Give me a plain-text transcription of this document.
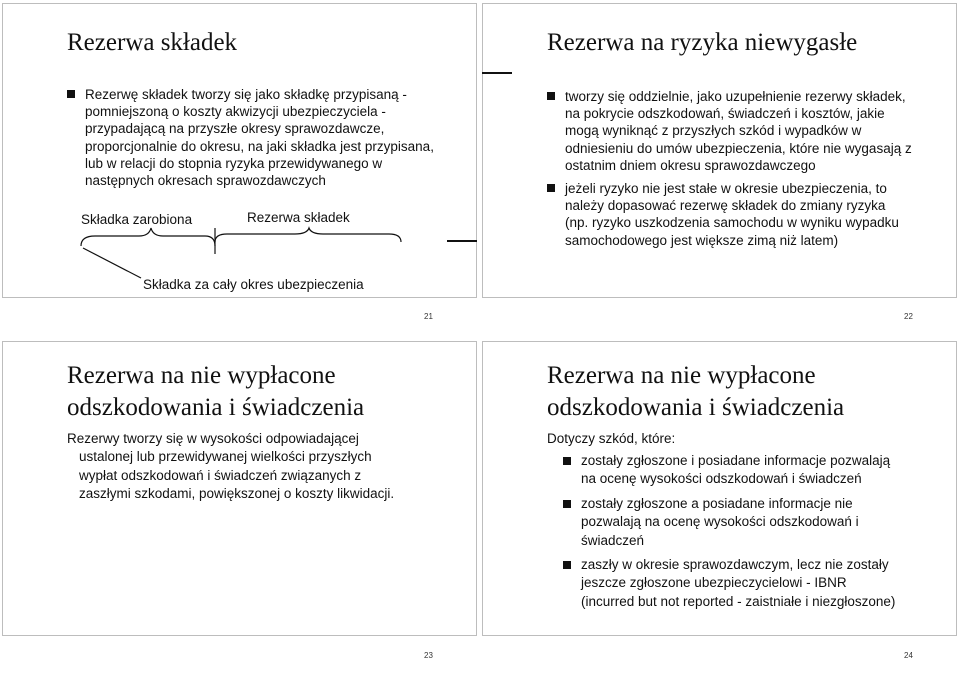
Rezerwa składek
Rezerwę składek tworzy się jako składkę przypisaną - pomniejszoną o koszty akwizycji ubezpieczyciela - przypadającą na przyszłe okresy sprawozdawcze, proporcjonalnie do okresu, na jaki składka jest przypisana, lub w relacji do stopnia ryzyka przewidywanego w następnych okresach sprawozdawczych
Składka zarobiona	Rezerwa składek
Składka za cały okres ubezpieczenia
21
Rezerwa na ryzyka niewygasłe
tworzy się oddzielnie, jako uzupełnienie rezerwy składek, na pokrycie odszkodowań, świadczeń i kosztów, jakie mogą wyniknąć z przyszłych szkód i wypadków w odniesieniu do umów ubezpieczenia, które nie wygasają z ostatnim dniem okresu sprawozdawczego
jeżeli ryzyko nie jest stałe w okresie ubezpieczenia, to należy dopasować rezerwę składek do zmiany ryzyka (np. ryzyko uszkodzenia samochodu w wyniku wypadku samochodowego jest większe zimą niż latem)
22
Rezerwa na nie wypłacone
odszkodowania i świadczenia

Rezerwy tworzy się w wysokości odpowiadającej
ustalonej lub przewidywanej wielkości przyszłych
wypłat odszkodowań i świadczeń związanych z
zaszłymi szkodami, powiększonej o koszty likwidacji.

23
Rezerwa na nie wypłacone
odszkodowania i świadczenia

Dotyczy szkód, które:

zostały zgłoszone i posiadane informacje pozwalają na ocenę wysokości odszkodowań i świadczeń
zostały zgłoszone a posiadane informacje nie pozwalają na ocenę wysokości odszkodowań i świadczeń
zaszły w okresie sprawozdawczym, lecz nie zostały jeszcze zgłoszone ubezpieczycielowi - IBNR (incurred but not reported - zaistniałe i niezgłoszone)
24
